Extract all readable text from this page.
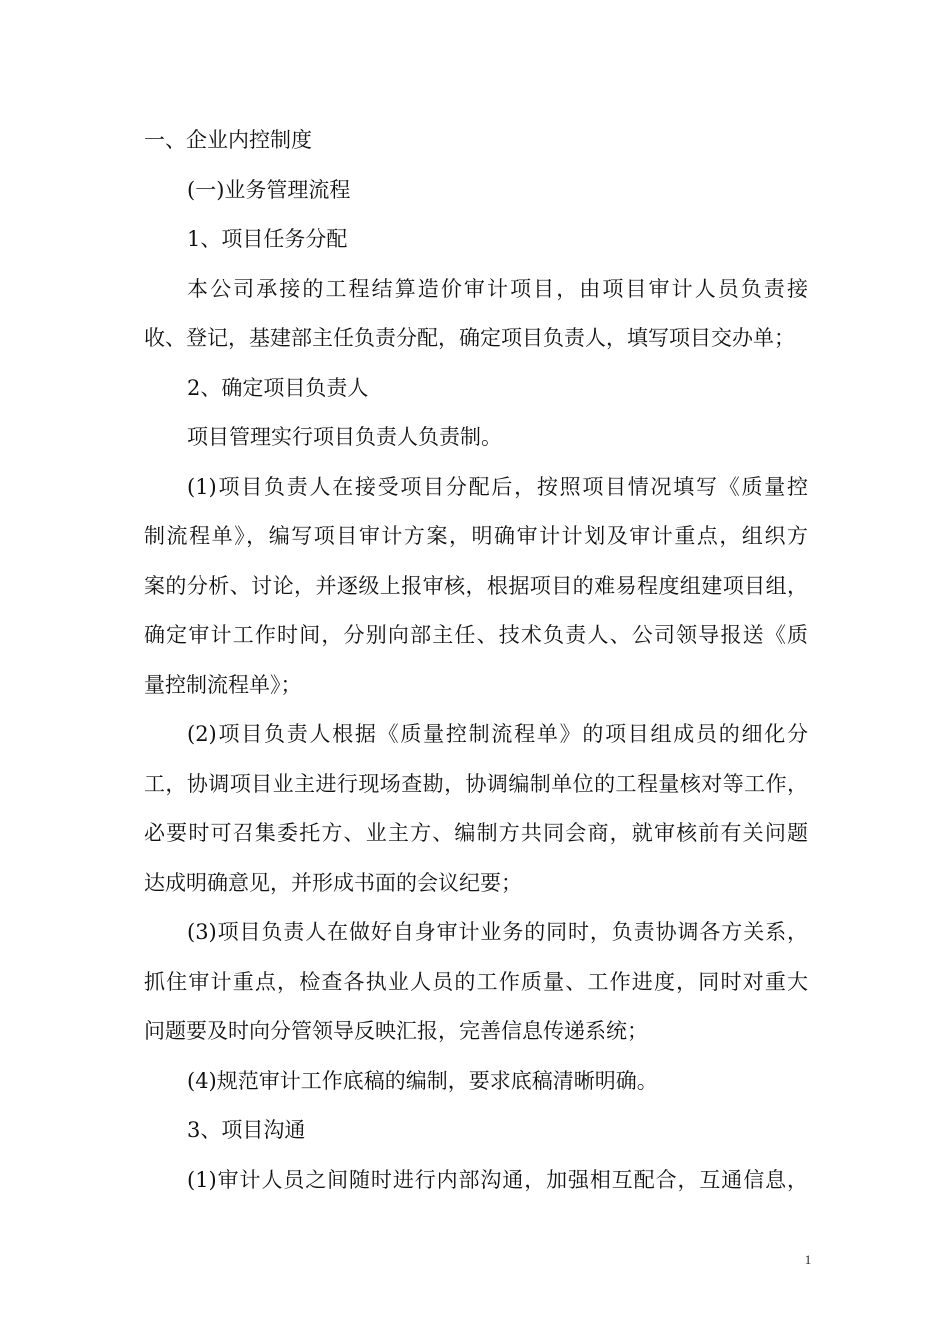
一、企业内控制度
(一)业务管理流程
1、项目任务分配
本公司承接的工程结算造价审计项目，由项目审计人员负责接
收、登记，基建部主任负责分配，确定项目负责人，填写项目交办单；
2、确定项目负责人
项目管理实行项目负责人负责制。
(1)项目负责人在接受项目分配后，按照项目情况填写《质量控
制流程单》，编写项目审计方案，明确审计计划及审计重点，组织方
案的分析、讨论，并逐级上报审核，根据项目的难易程度组建项目组，
确定审计工作时间，分别向部主任、技术负责人、公司领导报送《质
量控制流程单》；
(2)项目负责人根据《质量控制流程单》的项目组成员的细化分
工，协调项目业主进行现场查勘，协调编制单位的工程量核对等工作，
必要时可召集委托方、业主方、编制方共同会商，就审核前有关问题
达成明确意见，并形成书面的会议纪要；
(3)项目负责人在做好自身审计业务的同时，负责协调各方关系，
抓住审计重点，检查各执业人员的工作质量、工作进度，同时对重大
问题要及时向分管领导反映汇报，完善信息传递系统；
(4)规范审计工作底稿的编制，要求底稿清晰明确。
3、项目沟通
(1)审计人员之间随时进行内部沟通，加强相互配合，互通信息，
1
